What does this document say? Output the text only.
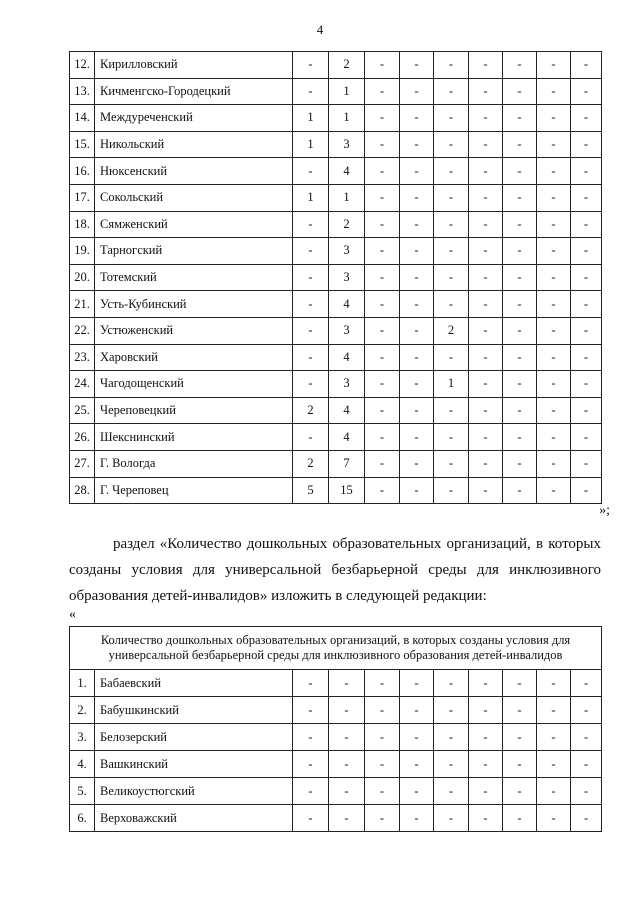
4
12.	Кирилловский	-	2	-	-	-	-	-	-	-
13.	Кичменгско-Городецкий	-	1	-	-	-	-	-	-	-
14.	Междуреченский	1	1	-	-	-	-	-	-	-
15.	Никольский	1	3	-	-	-	-	-	-	-
16.	Нюксенский	-	4	-	-	-	-	-	-	-
17.	Сокольский	1	1	-	-	-	-	-	-	-
18.	Сямженский	-	2	-	-	-	-	-	-	-
19.	Тарногский	-	3	-	-	-	-	-	-	-
20.	Тотемский	-	3	-	-	-	-	-	-	-
21.	Усть-Кубинский	-	4	-	-	-	-	-	-	-
22.	Устюженский	-	3	-	-	2	-	-	-	-
23.	Харовский	-	4	-	-	-	-	-	-	-
24.	Чагодощенский	-	3	-	-	1	-	-	-	-
25.	Череповецкий	2	4	-	-	-	-	-	-	-
26.	Шекснинский	-	4	-	-	-	-	-	-	-
27.	Г. Вологда	2	7	-	-	-	-	-	-	-
28.	Г. Череповец	5	15	-	-	-	-	-	-	-
»;
раздел «Количество дошкольных образовательных организаций, в которых созданы условия для универсальной безбарьерной среды для инклюзивного образования детей-инвалидов» изложить в следующей редакции:
«
Количество дошкольных образовательных организаций, в которых созданы условия для универсальной безбарьерной среды для инклюзивного образования детей-инвалидов										
1.	Бабаевский	-	-	-	-	-	-	-	-	-
2.	Бабушкинский	-	-	-	-	-	-	-	-	-
3.	Белозерский	-	-	-	-	-	-	-	-	-
4.	Вашкинский	-	-	-	-	-	-	-	-	-
5.	Великоустюгский	-	-	-	-	-	-	-	-	-
6.	Верховажский	-	-	-	-	-	-	-	-	-
